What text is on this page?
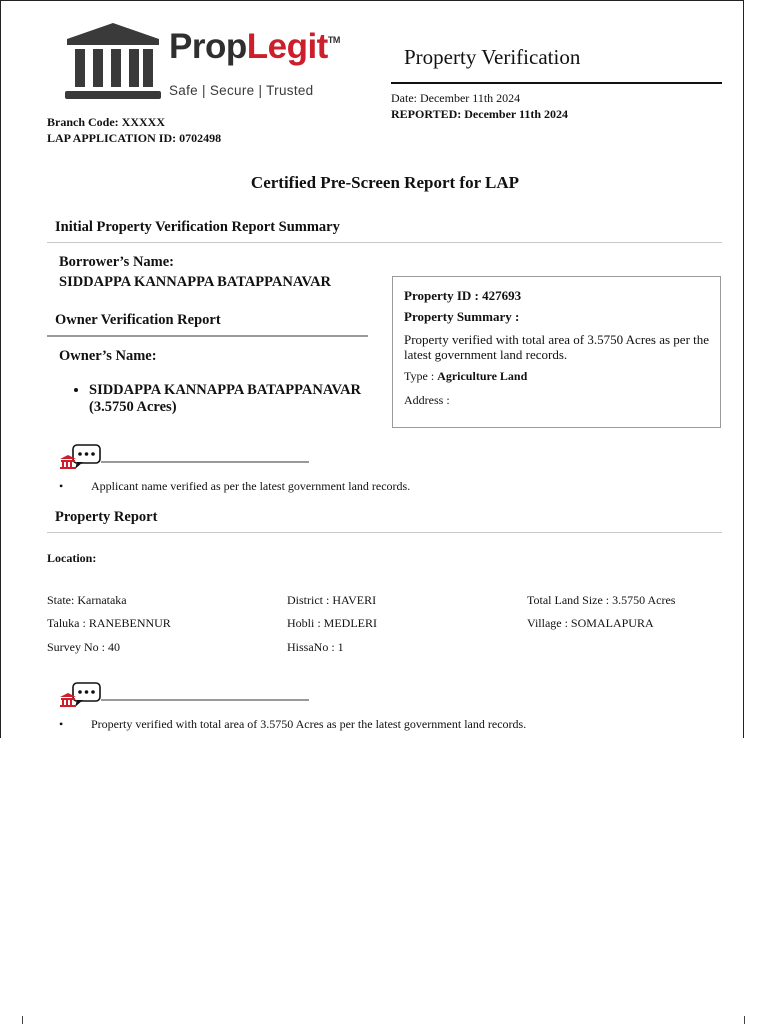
PropLegit™
Safe | Secure | Trusted
Property Verification
Date: December 11th 2024
REPORTED: December 11th 2024
Branch Code: XXXXX
LAP APPLICATION ID: 0702498
Certified Pre-Screen Report for LAP
Initial Property Verification Report Summary
Borrower’s Name:
SIDDAPPA KANNAPPA BATAPPANAVAR
Property ID : 427693
Property Summary :
Property verified with total area of 3.5750 Acres as per the latest government land records.
Type : Agriculture Land
Address :
Owner Verification Report
Owner’s Name:
• SIDDAPPA KANNAPPA BATAPPANAVAR (3.5750 Acres)
• Applicant name verified as per the latest government land records.
Property Report
Location:
State: Karnataka	District : HAVERI	Total Land Size : 3.5750 Acres
Taluka : RANEBENNUR	Hobli : MEDLERI	Village : SOMALAPURA
Survey No : 40	HissaNo : 1
• Property verified with total area of 3.5750 Acres as per the latest government land records.
